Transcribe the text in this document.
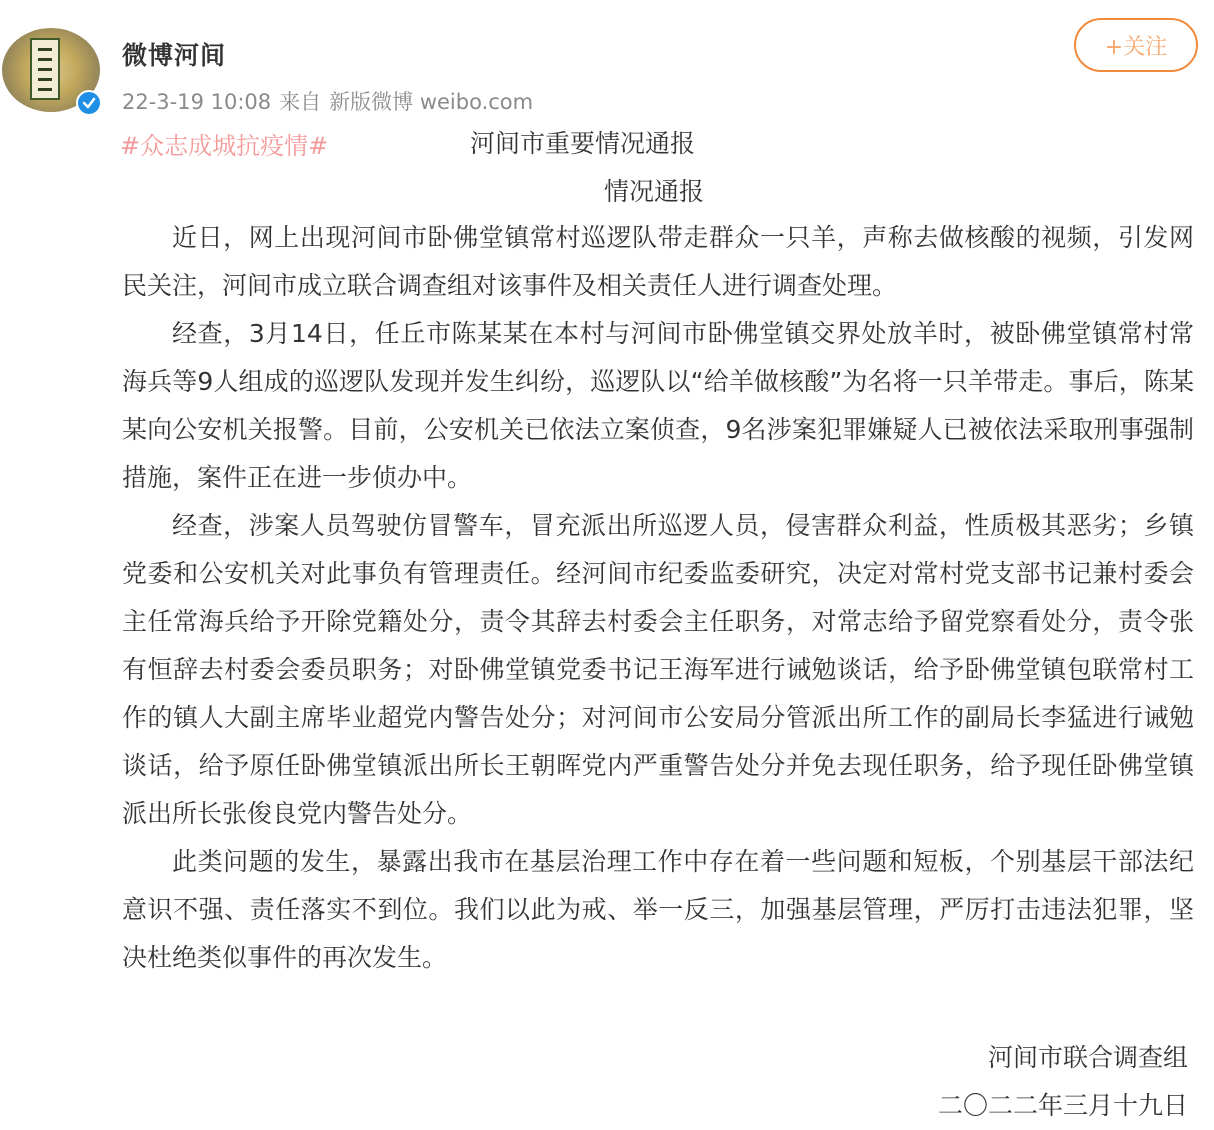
微博河间
22-3-19 10:08 来自 新版微博 weibo.com
+关注
#众志成城抗疫情#	河间市重要情况通报
情况通报

近日，网上出现河间市卧佛堂镇常村巡逻队带走群众一只羊，声称去做核酸的视频，引发网民关注，河间市成立联合调查组对该事件及相关责任人进行调查处理。

经查，3月14日，任丘市陈某某在本村与河间市卧佛堂镇交界处放羊时，被卧佛堂镇常村常海兵等9人组成的巡逻队发现并发生纠纷，巡逻队以“给羊做核酸”为名将一只羊带走。事后，陈某某向公安机关报警。目前，公安机关已依法立案侦查，9名涉案犯罪嫌疑人已被依法采取刑事强制措施，案件正在进一步侦办中。

经查，涉案人员驾驶仿冒警车，冒充派出所巡逻人员，侵害群众利益，性质极其恶劣；乡镇党委和公安机关对此事负有管理责任。经河间市纪委监委研究，决定对常村党支部书记兼村委会主任常海兵给予开除党籍处分，责令其辞去村委会主任职务，对常志给予留党察看处分，责令张有恒辞去村委会委员职务；对卧佛堂镇党委书记王海军进行诫勉谈话，给予卧佛堂镇包联常村工作的镇人大副主席毕业超党内警告处分；对河间市公安局分管派出所工作的副局长李猛进行诫勉谈话，给予原任卧佛堂镇派出所长王朝晖党内严重警告处分并免去现任职务，给予现任卧佛堂镇派出所长张俊良党内警告处分。

此类问题的发生，暴露出我市在基层治理工作中存在着一些问题和短板，个别基层干部法纪意识不强、责任落实不到位。我们以此为戒、举一反三，加强基层管理，严厉打击违法犯罪，坚决杜绝类似事件的再次发生。

河间市联合调查组
二〇二二年三月十九日
